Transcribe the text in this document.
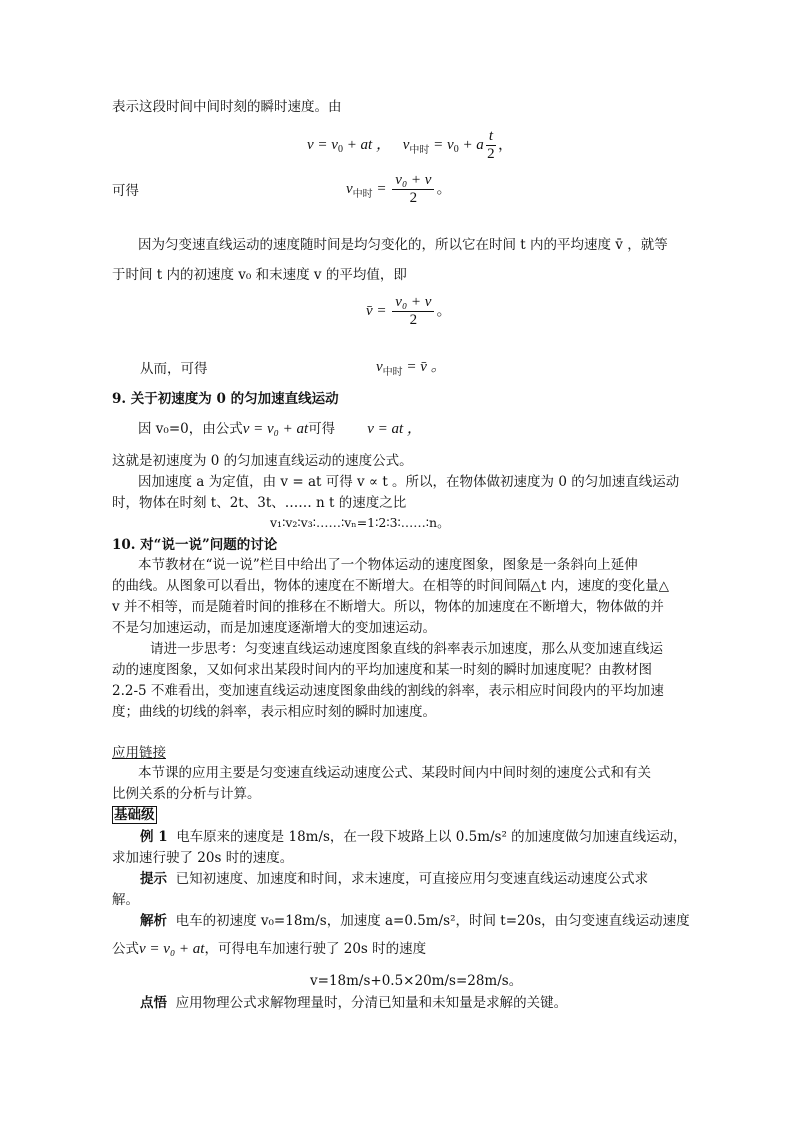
表示这段时间中间时刻的瞬时速度。由
$v = v_0$ + at ， $v_{中时} = v_0 + a \frac{t}{2}$ ，
可得	$v_{中时} = \frac{\text{v₀ + v}}{2}$ 。
因为匀变速直线运动的速度随时间是均匀变化的，所以它在时间 t 内的平均速度 v̄ ，就等
于时间 t 内的初速度 v₀ 和末速度 v 的平均值，即
v̄ = $\frac{\text{v₀ + v}}{2}$ 。
从而，可得	$v_{中时}$ = v̄ 。
9. 关于初速度为 0 的匀加速直线运动
因 v₀=0，由公式v = v₀ + at可得 v = at ，
这就是初速度为 0 的匀加速直线运动的速度公式。
因加速度 a 为定值，由 v = at 可得 v ∝ t 。所以，在物体做初速度为 0 的匀加速直线运动
时，物体在时刻 t、2t、3t、…… n t 的速度之比
v₁∶v₂∶v₃∶……∶vₙ=1∶2∶3∶……∶n。
10. 对“说一说”问题的讨论
本节教材在“说一说”栏目中给出了一个物体运动的速度图象，图象是一条斜向上延伸
的曲线。从图象可以看出，物体的速度在不断增大。在相等的时间间隔△t 内，速度的变化量△
v 并不相等，而是随着时间的推移在不断增大。所以，物体的加速度在不断增大，物体做的并
不是匀加速运动，而是加速度逐渐增大的变加速运动。
请进一步思考：匀变速直线运动速度图象直线的斜率表示加速度，那么从变加速直线运
动的速度图象，又如何求出某段时间内的平均加速度和某一时刻的瞬时加速度呢？由教材图
2.2-5 不难看出，变加速直线运动速度图象曲线的割线的斜率，表示相应时间段内的平均加速
度；曲线的切线的斜率，表示相应时刻的瞬时加速度。
应用链接
本节课的应用主要是匀变速直线运动速度公式、某段时间内中间时刻的速度公式和有关
比例关系的分析与计算。
基础级
例 1 电车原来的速度是 18m/s，在一段下坡路上以 0.5m/s² 的加速度做匀加速直线运动，
求加速行驶了 20s 时的速度。
提示 已知初速度、加速度和时间，求末速度，可直接应用匀变速直线运动速度公式求
解。
解析 电车的初速度 v₀=18m/s，加速度 a=0.5m/s²，时间 t=20s，由匀变速直线运动速度
公式v = v₀ + at，可得电车加速行驶了 20s 时的速度
v=18m/s+0.5×20m/s=28m/s。
点悟 应用物理公式求解物理量时，分清已知量和未知量是求解的关键。
